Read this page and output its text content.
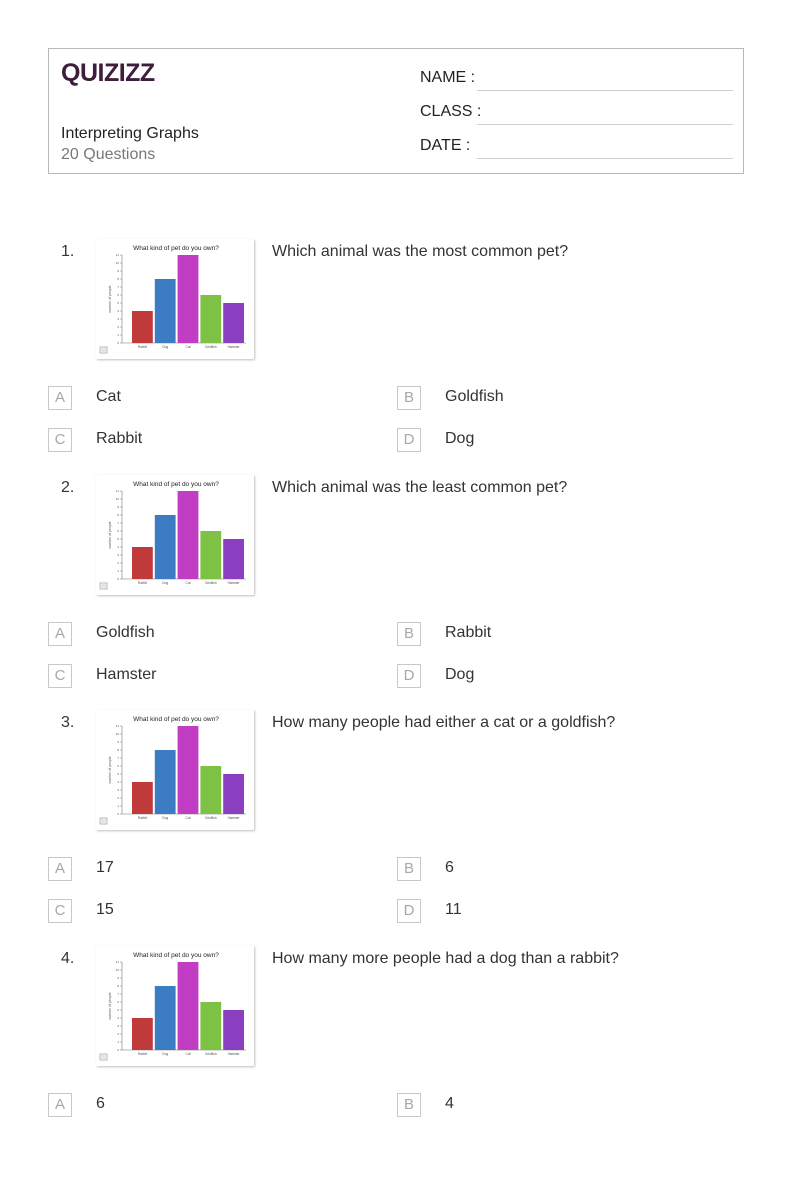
QUIZIZZ
Interpreting Graphs
20 Questions
NAME :
CLASS :
DATE :
1.	Which animal was the most common pet?
What kind of pet do you own?
number of people
0
1
2
3
4
5
6
7
8
9
10
11
Rabbit	Dog	Cat	Goldfish	Hamster
A	Cat	B	Goldfish
C	Rabbit	D	Dog
2.	Which animal was the least common pet?
What kind of pet do you own?
number of people
0
1
2
3
4
5
6
7
8
9
10
11
Rabbit	Dog	Cat	Goldfish	Hamster
A	Goldfish	B	Rabbit
C	Hamster	D	Dog
3.	How many people had either a cat or a goldfish?
What kind of pet do you own?
number of people
0
1
2
3
4
5
6
7
8
9
10
11
Rabbit	Dog	Cat	Goldfish	Hamster
A	17	B	6
C	15	D	11
4.	How many more people had a dog than a rabbit?
What kind of pet do you own?
number of people
0
1
2
3
4
5
6
7
8
9
10
11
Rabbit	Dog	Cat	Goldfish	Hamster
A	6	B	4
